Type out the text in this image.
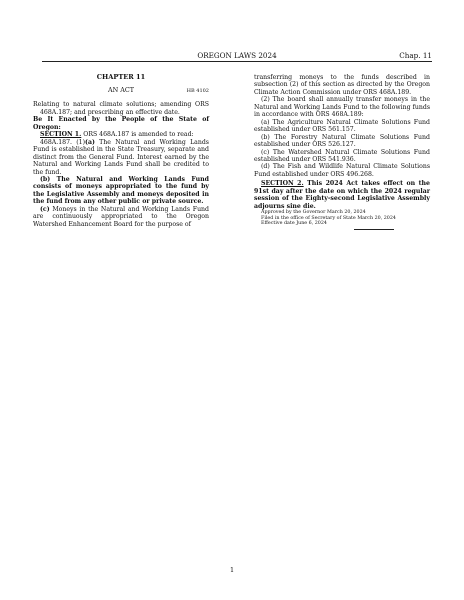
OREGON LAWS 2024	Chap. 11

CHAPTER 11

AN ACT	HB 4102

Relating to natural climate solutions; amending ORS 468A.187; and prescribing an effective date.

Be It Enacted by the People of the State of Oregon:

SECTION 1. ORS 468A.187 is amended to read:

468A.187. (1)(a) The Natural and Working Lands Fund is established in the State Treasury, separate and distinct from the General Fund. Interest earned by the Natural and Working Lands Fund shall be credited to the fund.

(b) The Natural and Working Lands Fund consists of moneys appropriated to the fund by the Legislative Assembly and moneys deposited in the fund from any other public or private source.

(c) Moneys in the Natural and Working Lands Fund are continuously appropriated to the Oregon Watershed Enhancement Board for the purpose of

transferring moneys to the funds described in subsection (2) of this section as directed by the Oregon Climate Action Commission under ORS 468A.189.

(2) The board shall annually transfer moneys in the Natural and Working Lands Fund to the following funds in accordance with ORS 468A.189:

(a) The Agriculture Natural Climate Solutions Fund established under ORS 561.157.

(b) The Forestry Natural Climate Solutions Fund established under ORS 526.127.

(c) The Watershed Natural Climate Solutions Fund established under ORS 541.936.

(d) The Fish and Wildlife Natural Climate Solutions Fund established under ORS 496.268.

SECTION 2. This 2024 Act takes effect on the 91st day after the date on which the 2024 regular session of the Eighty-second Legislative Assembly adjourns sine die.

Approved by the Governor March 20, 2024

Filed in the office of Secretary of State March 20, 2024

Effective date June 6, 2024

1
